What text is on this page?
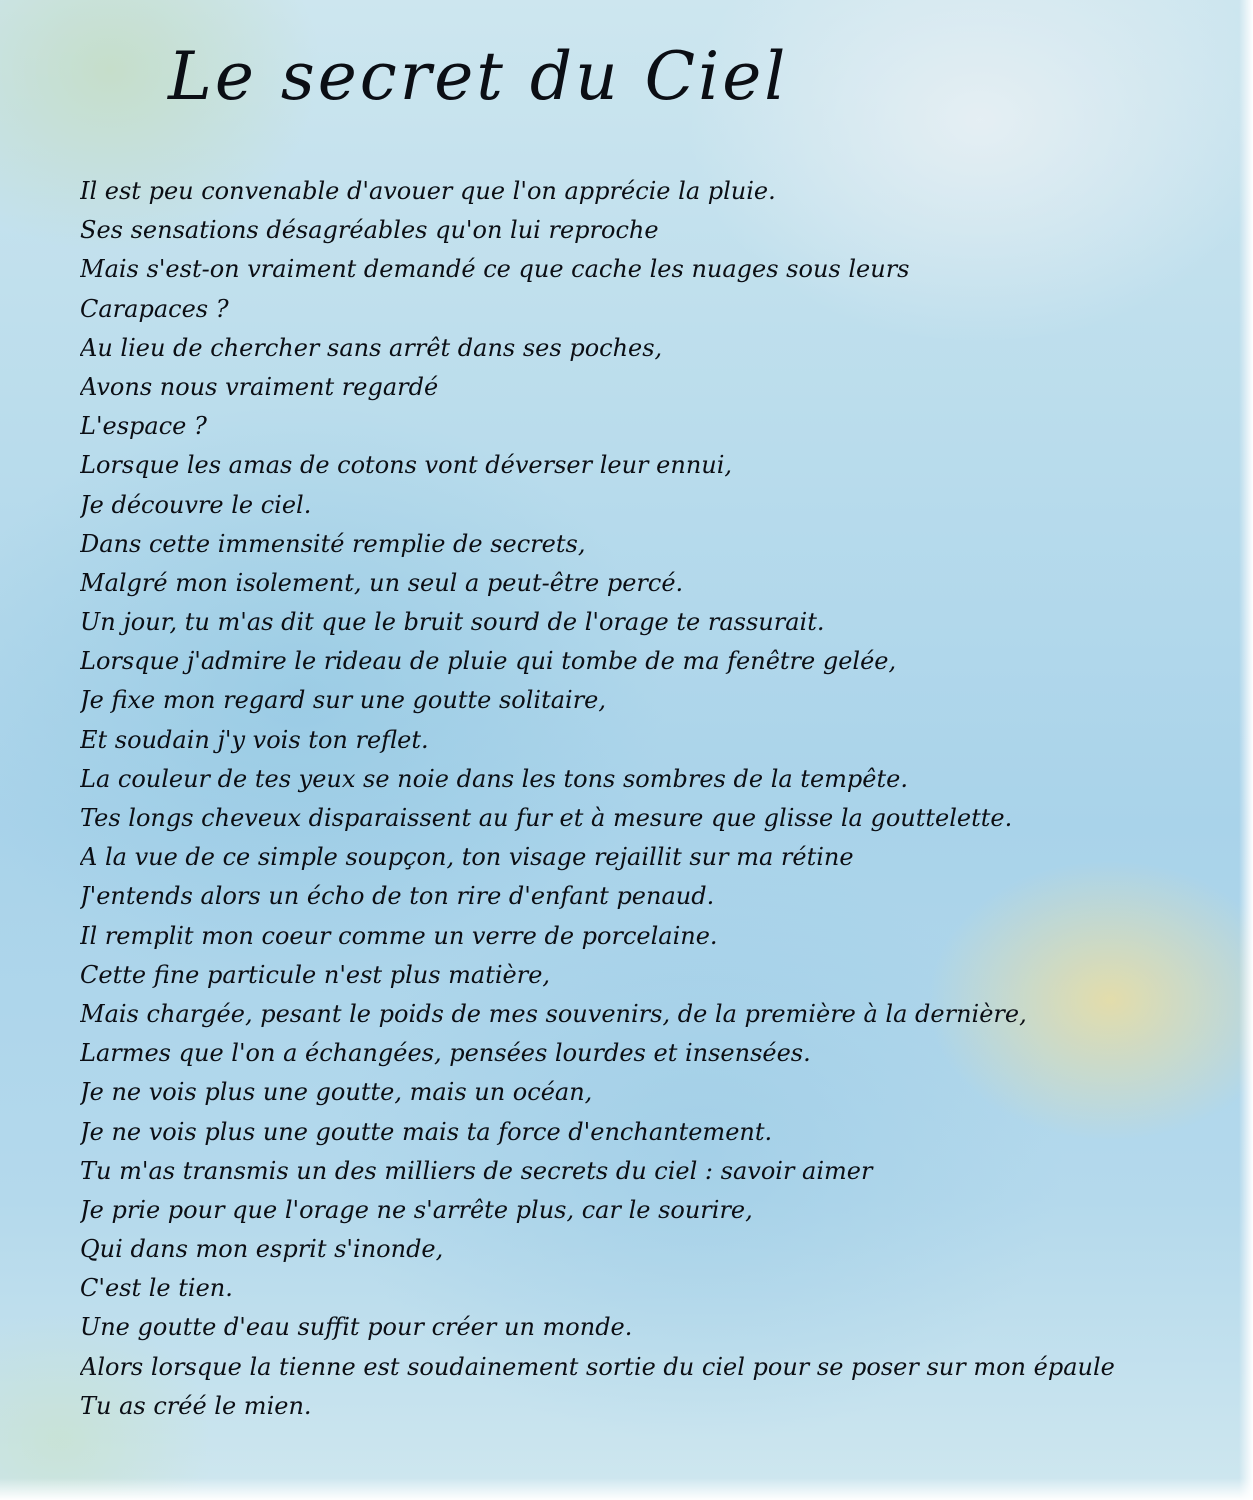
Le secret du Ciel
Il est peu convenable d'avouer que l'on apprécie la pluie.
Ses sensations désagréables qu'on lui reproche
Mais s'est-on vraiment demandé ce que cache les nuages sous leurs
Carapaces ?
Au lieu de chercher sans arrêt dans ses poches,
Avons nous vraiment regardé
L'espace ?
Lorsque les amas de cotons vont déverser leur ennui,
Je découvre le ciel.
Dans cette immensité remplie de secrets,
Malgré mon isolement, un seul a peut-être percé.
Un jour, tu m'as dit que le bruit sourd de l'orage te rassurait.
Lorsque j'admire le rideau de pluie qui tombe de ma fenêtre gelée,
Je fixe mon regard sur une goutte solitaire,
Et soudain j'y vois ton reflet.
La couleur de tes yeux se noie dans les tons sombres de la tempête.
Tes longs cheveux disparaissent au fur et à mesure que glisse la gouttelette.
A la vue de ce simple soupçon, ton visage rejaillit sur ma rétine
J'entends alors un écho de ton rire d'enfant penaud.
Il remplit mon coeur comme un verre de porcelaine.
Cette fine particule n'est plus matière,
Mais chargée, pesant le poids de mes souvenirs, de la première à la dernière,
Larmes que l'on a échangées, pensées lourdes et insensées.
Je ne vois plus une goutte, mais un océan,
Je ne vois plus une goutte mais ta force d'enchantement.
Tu m'as transmis un des milliers de secrets du ciel : savoir aimer
Je prie pour que l'orage ne s'arrête plus, car le sourire,
Qui dans mon esprit s'inonde,
C'est le tien.
Une goutte d'eau suffit pour créer un monde.
Alors lorsque la tienne est soudainement sortie du ciel pour se poser sur mon épaule
Tu as créé le mien.
